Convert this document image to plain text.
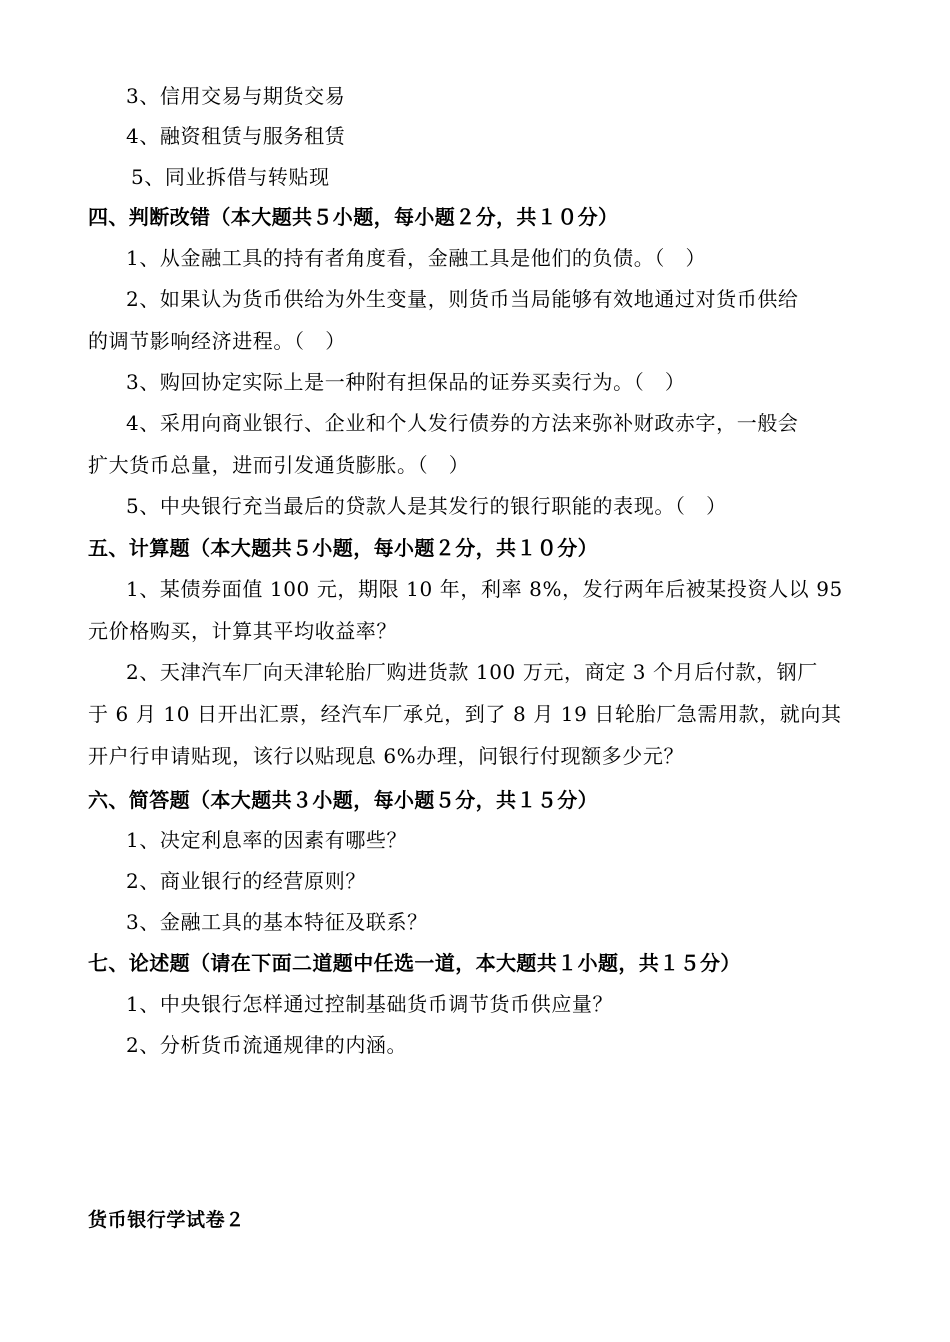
3、信用交易与期货交易
4、融资租赁与服务租赁
5、同业拆借与转贴现
四、判断改错（本大题共５小题，每小题２分，共１０分）
1、从金融工具的持有者角度看，金融工具是他们的负债。（　）
2、如果认为货币供给为外生变量，则货币当局能够有效地通过对货币供给
的调节影响经济进程。（　）
3、购回协定实际上是一种附有担保品的证券买卖行为。（　）
4、采用向商业银行、企业和个人发行债券的方法来弥补财政赤字，一般会
扩大货币总量，进而引发通货膨胀。（　）
5、中央银行充当最后的贷款人是其发行的银行职能的表现。（　）
五、计算题（本大题共５小题，每小题２分，共１０分）
1、某债券面值 100 元，期限 10 年，利率 8%，发行两年后被某投资人以 95
元价格购买，计算其平均收益率？
2、天津汽车厂向天津轮胎厂购进货款 100 万元，商定 3 个月后付款，钢厂
于 6 月 10 日开出汇票，经汽车厂承兑，到了 8 月 19 日轮胎厂急需用款，就向其
开户行申请贴现，该行以贴现息 6%办理，问银行付现额多少元？
六、简答题（本大题共３小题，每小题５分，共１５分）
1、决定利息率的因素有哪些？
2、商业银行的经营原则？
3、金融工具的基本特征及联系？
七、论述题（请在下面二道题中任选一道，本大题共１小题，共１５分）
1、中央银行怎样通过控制基础货币调节货币供应量？
2、分析货币流通规律的内涵。
货币银行学试卷２
